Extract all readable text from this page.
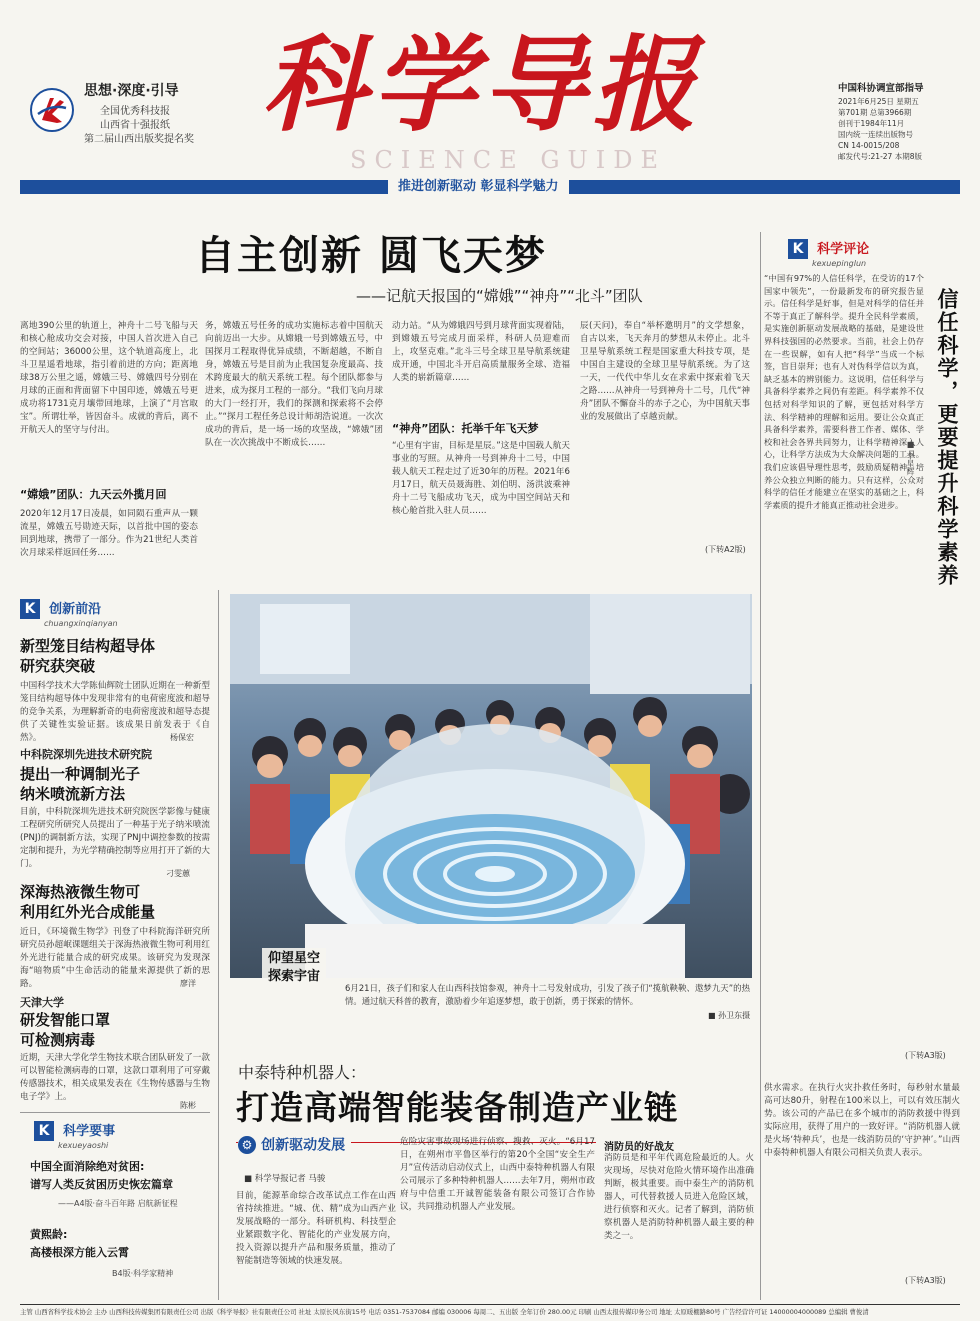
思想·深度·引导
全国优秀科技报
山西省十强报纸
第二届山西出版奖提名奖 科学导报
SCIENCE GUIDE
中国科协调宣部指导
2021年6月25日 星期五
第701期 总第3966期
创刊于1984年11月
国内统一连续出版物号
CN 14-0015/208
邮发代号:21-27 本期8版
推进创新驱动 彰显科学魅力
自主创新 圆飞天梦
——记航天报国的“嫦娥”“神舟”“北斗”团队
离地390公里的轨道上，神舟十二号飞船与天和核心舱成功交会对接，中国人首次进入自己的空间站；36000公里，这个轨道高度上，北斗卫星遥看地球，指引着前进的方向；距离地球38万公里之遥，嫦娥三号、嫦娥四号分别在月球的正面和背面留下中国印迹，嫦娥五号更成功将1731克月壤带回地球，上演了“月宫取宝”。所谓壮举，皆因奋斗。成就的背后，离不开航天人的坚守与付出。
“嫦娥”团队：九天云外揽月回
2020年12月17日凌晨，如同陨石重声从一颗流星，嫦娥五号勋迹天际，以首批中国的姿态回到地球，携带了一部分。作为21世纪人类首次月球采样返回任务……
务，嫦娥五号任务的成功实施标志着中国航天向前迈出一大步。从嫦娥一号到嫦娥五号，中国探月工程取得优异成绩，不断超越，不断自身，嫦娥五号是目前为止我国复杂度最高、技术跨度最大的航天系统工程。每个团队都参与进来，成为探月工程的一部分。“我们飞向月球的大门一经打开，我们的探测和探索将不会停止。”“探月工程任务总设计师胡浩说道。一次次成功的背后，是一场一场的攻坚战，“嫦娥”团队在一次次挑战中不断成长……
动力站。“从为嫦娥四号到月球背面实现着陆，到嫦娥五号完成月面采样，科研人员迎难而上，攻坚克难。”北斗三号全球卫星导航系统建成开通，中国北斗开启高质量服务全球、造福人类的崭新篇章……
“神舟”团队：托举千年飞天梦
“心里有宇宙，目标是星辰。”这是中国载人航天事业的写照。从神舟一号到神舟十二号，中国载人航天工程走过了近30年的历程。2021年6月17日，航天员聂海胜、刘伯明、汤洪波乘神舟十二号飞船成功飞天，成为中国空间站天和核心舱首批入驻人员……
辰(天问)，奉自“举杯邀明月”的文学想象，自古以来，飞天奔月的梦想从未停止。北斗卫星导航系统工程是国家重大科技专项，是中国自主建设的全球卫星导航系统。为了这一天，一代代中华儿女在求索中探索着飞天之路……从神舟一号到神舟十二号，几代“神舟”团队不懈奋斗的赤子之心，为中国航天事业的发展做出了卓越贡献。
(下转A2版)
K 科学评论
kexuepinglun
“中国有97%的人信任科学，在受访的17个国家中领先”，一份最新发布的研究报告显示。信任科学是好事，但是对科学的信任并不等于真正了解科学。提升全民科学素质，是实施创新驱动发展战略的基础，是建设世界科技强国的必然要求。当前，社会上仍存在一些误解，如有人把“科学”当成一个标签，盲目崇拜；也有人对伪科学信以为真，缺乏基本的辨别能力。这说明，信任科学与具备科学素养之间仍有差距。科学素养不仅包括对科学知识的了解，更包括对科学方法、科学精神的理解和运用。要让公众真正具备科学素养，需要科普工作者、媒体、学校和社会各界共同努力，让科学精神深入人心，让科学方法成为大众解决问题的工具。我们应该倡导理性思考，鼓励质疑精神，培养公众独立判断的能力。只有这样，公众对科学的信任才能建立在坚实的基础之上，科学素质的提升才能真正推动社会进步。	信任科学，更要提升科学素养
■ 李星辉
(下转A3版)
K 创新前沿
chuangxinqianyan
新型笼目结构超导体
研究获突破
中国科学技术大学陈仙辉院士团队近期在一种新型笼目结构超导体中发现非常有的电荷密度波和超导的竞争关系，为理解新奇的电荷密度波和超导态提供了关键性实验证据。该成果日前发表于《自然》。	杨保宏
中科院深圳先进技术研究院
提出一种调制光子
纳米喷流新方法
目前，中科院深圳先进技术研究院医学影像与健康工程研究所研究人员提出了一种基于光子纳米喷流(PNJ)的调制新方法，实现了PNJ中调控参数的按需定制和提升，为光学精确控制等应用打开了新的大门。
刁雯蕙
深海热液微生物可
利用红外光合成能量
近日，《环境微生物学》刊登了中科院海洋研究所研究员孙超岷课题组关于深海热液微生物可利用红外光进行能量合成的研究成果。该研究为发现深海“暗物质”中生命活动的能量来源提供了新的思路。	廖洋
天津大学
研发智能口罩
可检测病毒
近期，天津大学化学生物技术联合团队研发了一款可以智能检测病毒的口罩，这款口罩利用了可穿戴传感器技术，相关成果发表在《生物传感器与生物电子学》上。
陈彬
K 科学要事
kexueyaoshi
中国全面消除绝对贫困:
谱写人类反贫困历史恢宏篇章
——A4版·奋斗百年路 启航新征程
黄熙龄:
高楼根深方能入云霄
B4版·科学家精神
仰望星空
探索宇宙
6月21日，孩子们和家人在山西科技馆参观，神舟十二号发射成功，引发了孩子们“揽航鞅鞅、遨梦九天”的热情。通过航天科普的教育，激励着少年追逐梦想，敢于创新，勇于探索的情怀。
■ 孙卫东摄
中泰特种机器人：
打造高端智能装备制造产业链
⚙ 创新驱动发展
■ 科学导报记者 马骏
目前，能源革命综合改革试点工作在山西省持续推进。“城、优、精”成为山西产业发展战略的一部分。科研机构、科技型企业紧跟数字化、智能化的产业发展方向，投入资源以提升产品和服务质量，推动了智能制造等领域的快速发展。
危险灾害事故现场进行侦察、搜救、灭火。“6月17日，在朔州市平鲁区举行的第20个全国“安全生产月”宣传活动启动仪式上，山西中泰特种机器人有限公司展示了多种特种机器人……去年7月，朔州市政府与中信重工开诚智能装备有限公司签订合作协议，共同推动机器人产业发展。
消防员的好战友
消防员是和平年代离危险最近的人。火灾现场，尽快对危险火情环境作出准确判断，极其重要。而中泰生产的消防机器人，可代替救援人员进入危险区域，进行侦察和灭火。记者了解到，消防侦察机器人是消防特种机器人最主要的种类之一。
供水需求。在执行火灾扑救任务时，每秒射水量最高可达80升，射程在100米以上，可以有效压制火势。该公司的产品已在多个城市的消防救援中得到实际应用，获得了用户的一致好评。“消防机器人就是火场‘特种兵’，也是一线消防员的‘守护神’。”山西中泰特种机器人有限公司相关负责人表示。
(下转A3版)
主管 山西省科学技术协会 主办 山西科技传媒集团有限责任公司 出版《科学导报》社有限责任公司 社址 太原长风东街15号 电话 0351-7537084 邮编 030006 每周二、五出版 全年订价 280.00元 印刷 山西太报传媒印务公司 地址 太原暖棚路80号 广告经营许可证 14000004000089 总编辑 曹俊清
